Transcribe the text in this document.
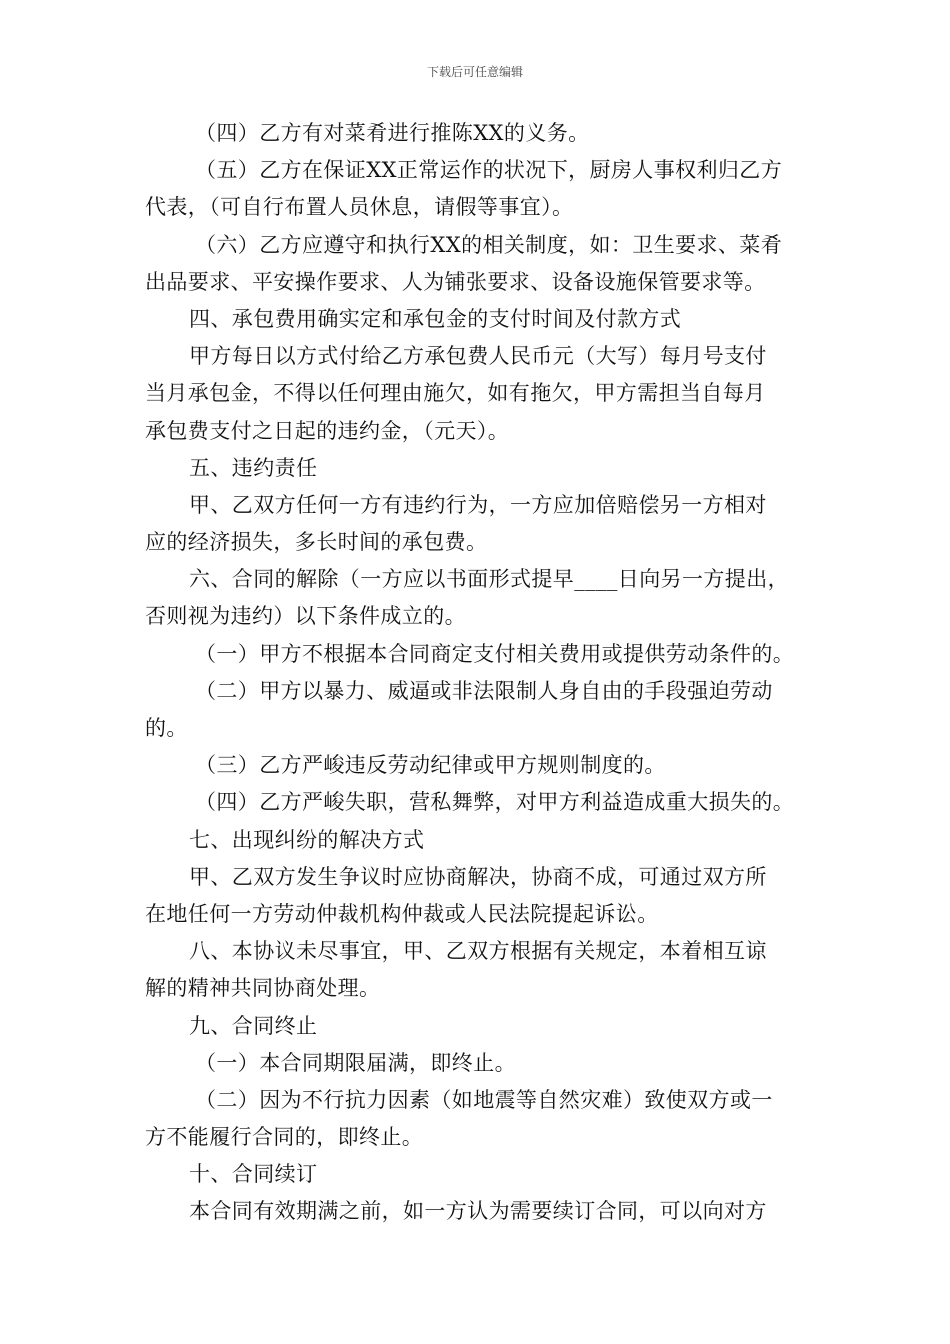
下载后可任意编辑
（四）乙方有对菜肴进行推陈XX的义务。
（五）乙方在保证XX正常运作的状况下，厨房人事权利归乙方
代表，（可自行布置人员休息，请假等事宜）。
（六）乙方应遵守和执行XX的相关制度，如：卫生要求、菜肴
出品要求、平安操作要求、人为铺张要求、设备设施保管要求等。
四、承包费用确实定和承包金的支付时间及付款方式
甲方每日以方式付给乙方承包费人民币元（大写）每月号支付
当月承包金，不得以任何理由施欠，如有拖欠，甲方需担当自每月
承包费支付之日起的违约金，（元天）。
五、违约责任
甲、乙双方任何一方有违约行为，一方应加倍赔偿另一方相对
应的经济损失，多长时间的承包费。
六、合同的解除（一方应以书面形式提早____日向另一方提出，
否则视为违约）以下条件成立的。
（一）甲方不根据本合同商定支付相关费用或提供劳动条件的。
（二）甲方以暴力、威逼或非法限制人身自由的手段强迫劳动
的。
（三）乙方严峻违反劳动纪律或甲方规则制度的。
（四）乙方严峻失职，营私舞弊，对甲方利益造成重大损失的。
七、出现纠纷的解决方式
甲、乙双方发生争议时应协商解决，协商不成，可通过双方所
在地任何一方劳动仲裁机构仲裁或人民法院提起诉讼。
八、本协议未尽事宜，甲、乙双方根据有关规定，本着相互谅
解的精神共同协商处理。
九、合同终止
（一）本合同期限届满，即终止。
（二）因为不行抗力因素（如地震等自然灾难）致使双方或一
方不能履行合同的，即终止。
十、合同续订
本合同有效期满之前，如一方认为需要续订合同，可以向对方
